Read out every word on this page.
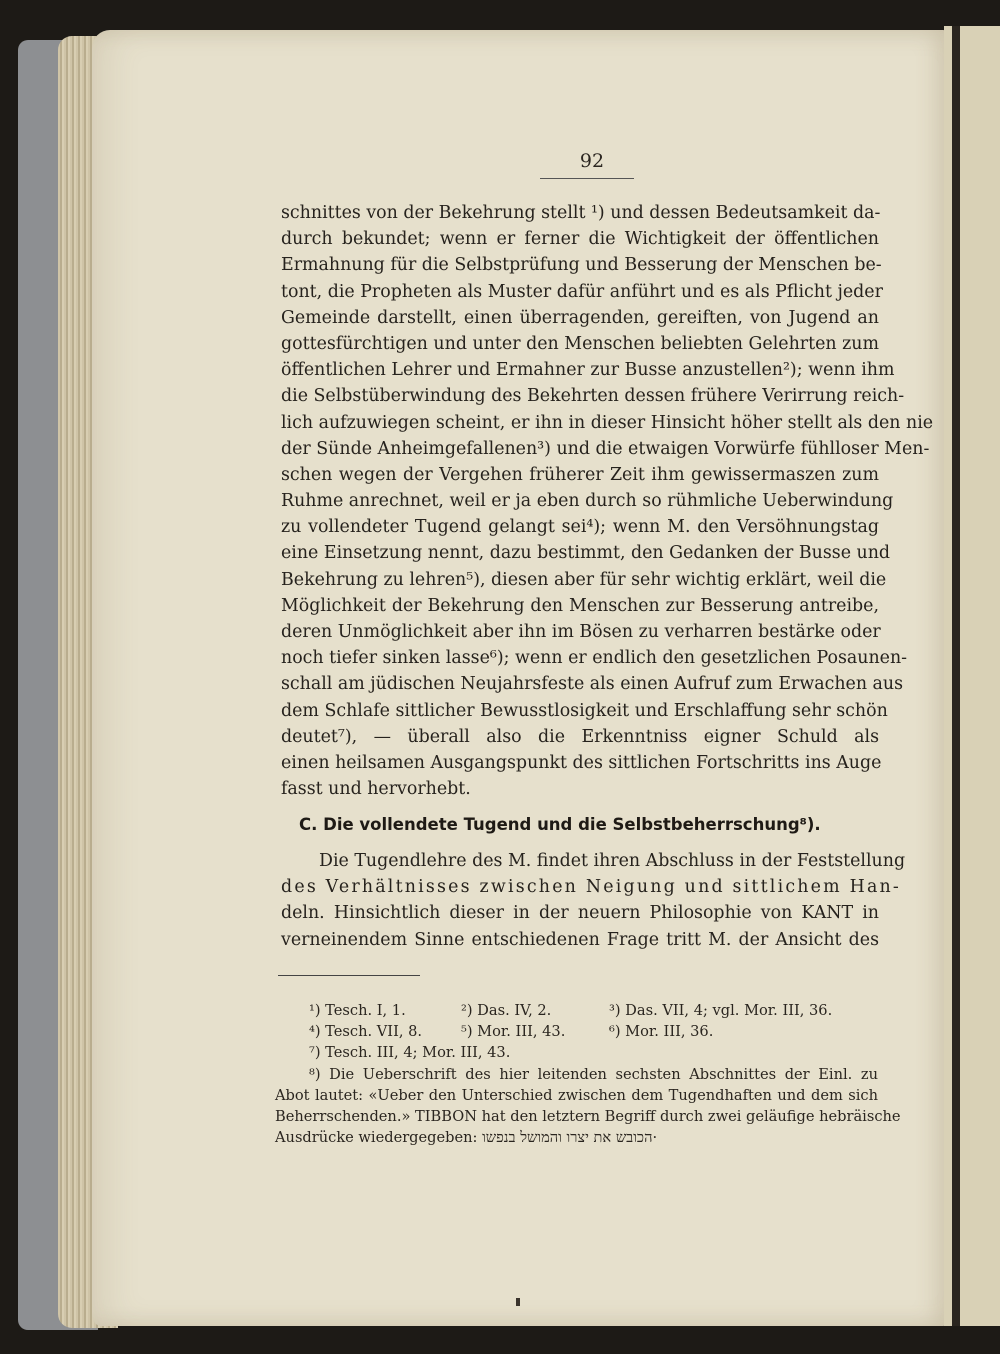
92
schnittes von der Bekehrung stellt ¹) und dessen Bedeutsamkeit da-
durch bekundet; wenn er ferner die Wichtigkeit der öffentlichen
Ermahnung für die Selbstprüfung und Besserung der Menschen be-
tont, die Propheten als Muster dafür anführt und es als Pflicht jeder
Gemeinde darstellt, einen überragenden, gereiften, von Jugend an
gottesfürchtigen und unter den Menschen beliebten Gelehrten zum
öffentlichen Lehrer und Ermahner zur Busse anzustellen²); wenn ihm
die Selbstüberwindung des Bekehrten dessen frühere Verirrung reich-
lich aufzuwiegen scheint, er ihn in dieser Hinsicht höher stellt als den nie
der Sünde Anheimgefallenen³) und die etwaigen Vorwürfe fühlloser Men-
schen wegen der Vergehen früherer Zeit ihm gewissermaszen zum
Ruhme anrechnet, weil er ja eben durch so rühmliche Ueberwindung
zu vollendeter Tugend gelangt sei⁴); wenn M. den Versöhnungstag
eine Einsetzung nennt, dazu bestimmt, den Gedanken der Busse und
Bekehrung zu lehren⁵), diesen aber für sehr wichtig erklärt, weil die
Möglichkeit der Bekehrung den Menschen zur Besserung antreibe,
deren Unmöglichkeit aber ihn im Bösen zu verharren bestärke oder
noch tiefer sinken lasse⁶); wenn er endlich den gesetzlichen Posaunen-
schall am jüdischen Neujahrsfeste als einen Aufruf zum Erwachen aus
dem Schlafe sittlicher Bewusstlosigkeit und Erschlaffung sehr schön
deutet⁷), — überall also die Erkenntniss eigner Schuld als
einen heilsamen Ausgangspunkt des sittlichen Fortschritts ins Auge
fasst und hervorhebt.
C. Die vollendete Tugend und die Selbstbeherrschung⁸).
Die Tugendlehre des M. findet ihren Abschluss in der Feststellung
des Verhältnisses zwischen Neigung und sittlichem Han-
deln. Hinsichtlich dieser in der neuern Philosophie von KANT in
verneinendem Sinne entschiedenen Frage tritt M. der Ansicht des
¹) Tesch. I, 1.	²) Das. IV, 2.	³) Das. VII, 4; vgl. Mor. III, 36.
⁴) Tesch. VII, 8.	⁵) Mor. III, 43.	⁶) Mor. III, 36.
⁷) Tesch. III, 4; Mor. III, 43.
⁸) Die Ueberschrift des hier leitenden sechsten Abschnittes der Einl. zu
Abot lautet: «Ueber den Unterschied zwischen dem Tugendhaften und dem sich
Beherrschenden.» TIBBON hat den letztern Begriff durch zwei geläufige hebräische
Ausdrücke wiedergegeben: הכובש את יצרו והמושל בנפשו·
